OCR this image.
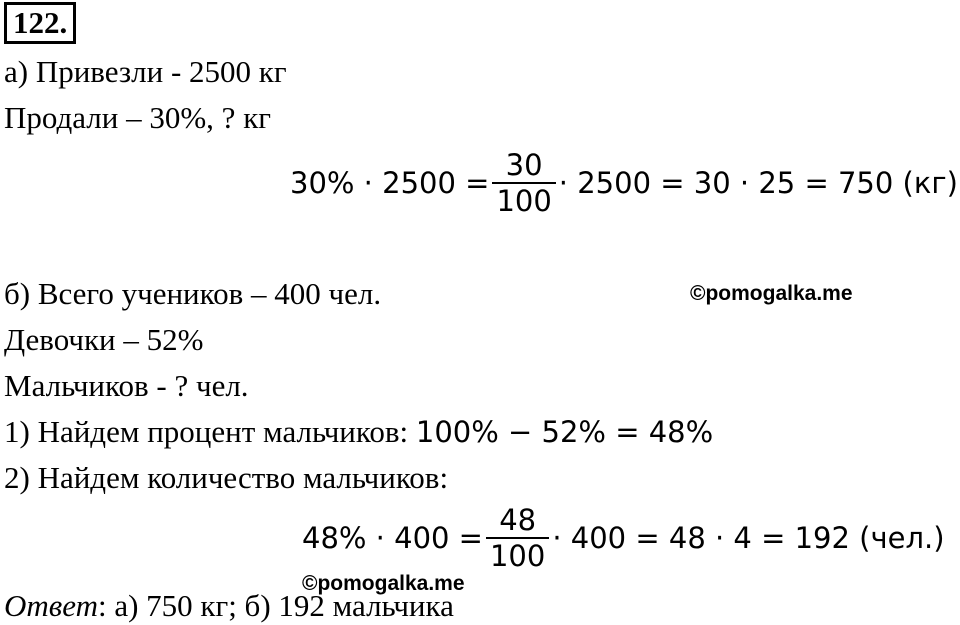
122.
а) Привезли - 2500 кг
Продали – 30%, ? кг
$30\% \cdot 2500 = \frac{30}{100} \cdot 2500 = 30 \cdot 25 = 750$ (кг)
б) Всего учеников – 400 чел.	©pomogalka.me
Девочки – 52%
Мальчиков - ? чел.
1) Найдем процент мальчиков: 100% − 52% = 48%
2) Найдем количество мальчиков:
$48\% \cdot 400 = \frac{48}{100} \cdot 400 = 48 \cdot 4 = 192$ (чел.)
©pomogalka.me
Ответ: а) 750 кг; б) 192 мальчика
